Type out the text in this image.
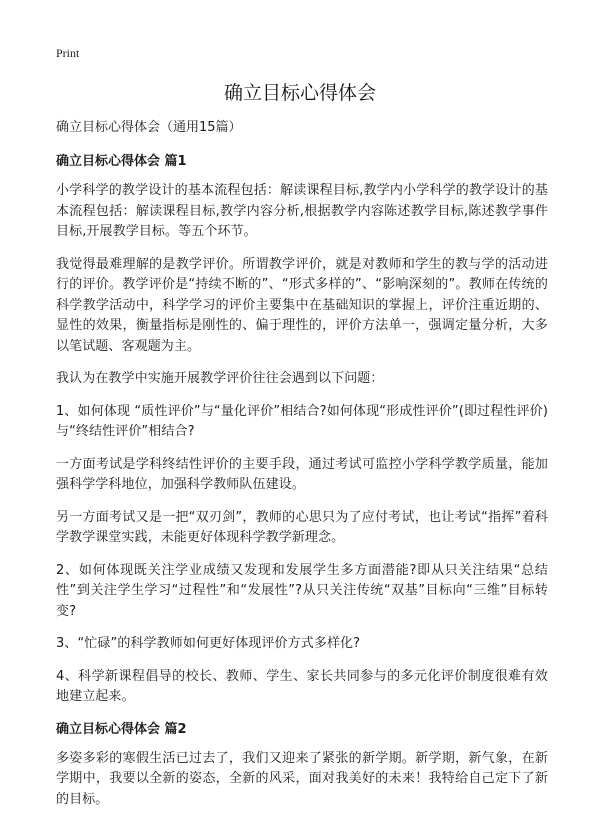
Print
确立目标心得体会

确立目标心得体会（通用15篇）

确立目标心得体会 篇1

小学科学的教学设计的基本流程包括：解读课程目标,教学内小学科学的教学设计的基本流程包括：解读课程目标,教学内容分析,根据教学内容陈述教学目标,陈述教学事件目标,开展教学目标。等五个环节。

我觉得最难理解的是教学评价。所谓教学评价，就是对教师和学生的教与学的活动进行的评价。教学评价是“持续不断的”、“形式多样的”、“影响深刻的”。教师在传统的科学教学活动中，科学学习的评价主要集中在基础知识的掌握上，评价注重近期的、显性的效果，衡量指标是刚性的、偏于理性的，评价方法单一，强调定量分析，大多以笔试题、客观题为主。

我认为在教学中实施开展教学评价往往会遇到以下问题：

1、如何体现 “质性评价”与“量化评价”相结合?如何体现“形成性评价”(即过程性评价)与“终结性评价”相结合?

一方面考试是学科终结性评价的主要手段，通过考试可监控小学科学教学质量，能加强科学学科地位，加强科学教师队伍建设。

另一方面考试又是一把“双刃剑”，教师的心思只为了应付考试，也让考试“指挥”着科学教学课堂实践，未能更好体现科学教学新理念。

2、如何体现既关注学业成绩又发现和发展学生多方面潜能?即从只关注结果“总结性”到关注学生学习“过程性”和“发展性”?从只关注传统“双基”目标向“三维”目标转变?

3、“忙碌”的科学教师如何更好体现评价方式多样化?

4、科学新课程倡导的校长、教师、学生、家长共同参与的多元化评价制度很难有效地建立起来。

确立目标心得体会 篇2

多姿多彩的寒假生活已过去了，我们又迎来了紧张的新学期。新学期，新气象，在新学期中，我要以全新的姿态，全新的风采，面对我美好的未来！我特给自己定下了新的目标。
